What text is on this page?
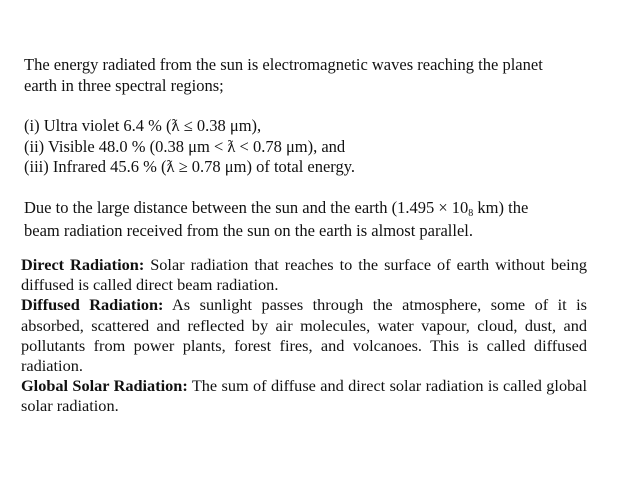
The energy radiated from the sun is electromagnetic waves reaching the planet

earth in three spectral regions;

(i) Ultra violet 6.4 % (ƛ ≤ 0.38 μm),

(ii) Visible 48.0 % (0.38 μm < ƛ < 0.78 μm), and

(iii) Infrared 45.6 % (ƛ ≥ 0.78 μm) of total energy.

Due to the large distance between the sun and the earth (1.495 × 108 km) the

beam radiation received from the sun on the earth is almost parallel.

Direct Radiation: Solar radiation that reaches to the surface of earth without being diffused is called direct beam radiation.

Diffused Radiation: As sunlight passes through the atmosphere, some of it is absorbed, scattered and reflected by air molecules, water vapour, cloud, dust, and pollutants from power plants, forest fires, and volcanoes. This is called diffused radiation.

Global Solar Radiation: The sum of diffuse and direct solar radiation is called global solar radiation.
